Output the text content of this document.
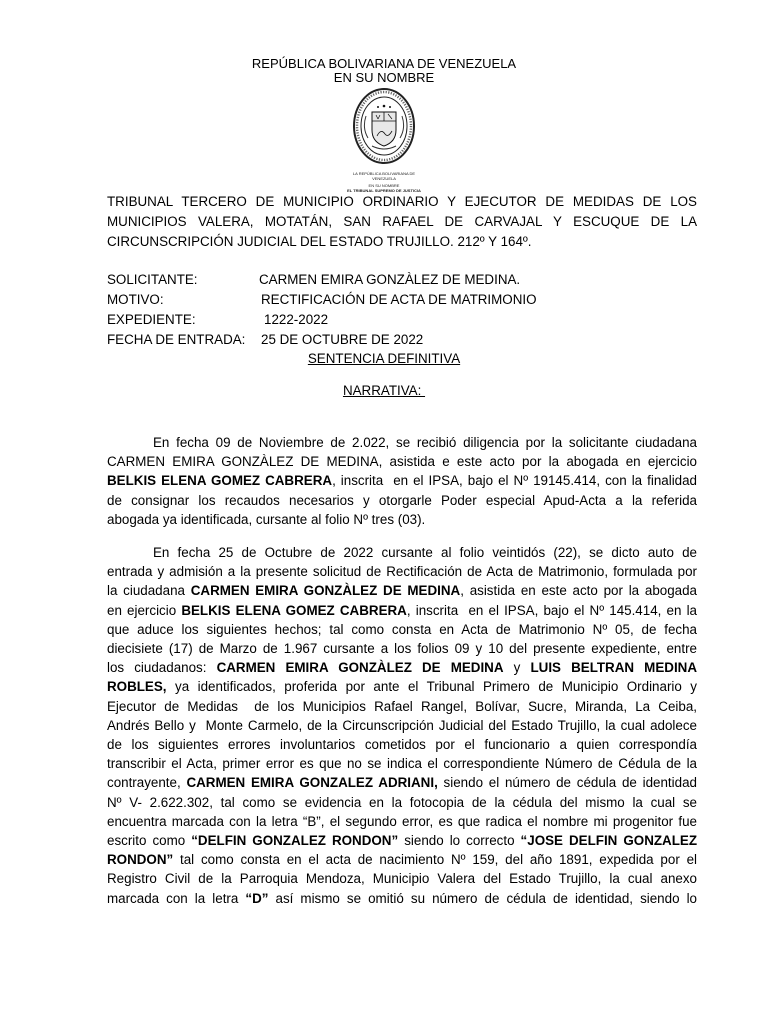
REPÚBLICA BOLIVARIANA DE VENEZUELA
EN SU NOMBRE
LA REPÚBLICA BOLIVARIANA DE VENEZUELA
EN SU NOMBRE
EL TRIBUNAL SUPREMO DE JUSTICIA
TRIBUNAL TERCERO DE MUNICIPIO ORDINARIO Y EJECUTOR DE MEDIDAS DE LOS
MUNICIPIOS VALERA, MOTATÁN, SAN RAFAEL DE CARVAJAL Y ESCUQUE DE LA
CIRCUNSCRIPCIÓN JUDICIAL DEL ESTADO TRUJILLO. 212º Y 164º.
SOLICITANTE:	CARMEN EMIRA GONZÀLEZ DE MEDINA.
MOTIVO:	RECTIFICACIÓN DE ACTA DE MATRIMONIO
EXPEDIENTE:	1222-2022
FECHA DE ENTRADA: 25 DE OCTUBRE DE 2022
SENTENCIA DEFINITIVA
NARRATIVA:
En fecha 09 de Noviembre de 2.022, se recibió diligencia por la solicitante ciudadana
CARMEN EMIRA GONZÀLEZ DE MEDINA, asistida e este acto por la abogada en ejercicio
BELKIS ELENA GOMEZ CABRERA, inscrita  en el IPSA, bajo el Nº 19145.414, con la finalidad
de consignar los recaudos necesarios y otorgarle Poder especial Apud-Acta a la referida
abogada ya identificada, cursante al folio Nº tres (03).
En fecha 25 de Octubre de 2022 cursante al folio veintidós (22), se dicto auto de
entrada y admisión a la presente solicitud de Rectificación de Acta de Matrimonio, formulada por
la ciudadana CARMEN EMIRA GONZÀLEZ DE MEDINA, asistida en este acto por la abogada
en ejercicio BELKIS ELENA GOMEZ CABRERA, inscrita  en el IPSA, bajo el Nº 145.414, en la
que aduce los siguientes hechos; tal como consta en Acta de Matrimonio Nº 05, de fecha
diecisiete (17) de Marzo de 1.967 cursante a los folios 09 y 10 del presente expediente, entre
los ciudadanos: CARMEN EMIRA GONZÀLEZ DE MEDINA y LUIS BELTRAN MEDINA
ROBLES, ya identificados, proferida por ante el Tribunal Primero de Municipio Ordinario y
Ejecutor de Medidas  de los Municipios Rafael Rangel, Bolívar, Sucre, Miranda, La Ceiba,
Andrés Bello y  Monte Carmelo, de la Circunscripción Judicial del Estado Trujillo, la cual adolece
de los siguientes errores involuntarios cometidos por el funcionario a quien correspondía
transcribir el Acta, primer error es que no se indica el correspondiente Número de Cédula de la
contrayente, CARMEN EMIRA GONZALEZ ADRIANI, siendo el número de cédula de identidad
Nº V- 2.622.302, tal como se evidencia en la fotocopia de la cédula del mismo la cual se
encuentra marcada con la letra “B”, el segundo error, es que radica el nombre mi progenitor fue
escrito como “DELFIN GONZALEZ RONDON” siendo lo correcto “JOSE DELFIN GONZALEZ
RONDON” tal como consta en el acta de nacimiento Nº 159, del año 1891, expedida por el
Registro Civil de la Parroquia Mendoza, Municipio Valera del Estado Trujillo, la cual anexo
marcada con la letra “D” así mismo se omitió su número de cédula de identidad, siendo lo
